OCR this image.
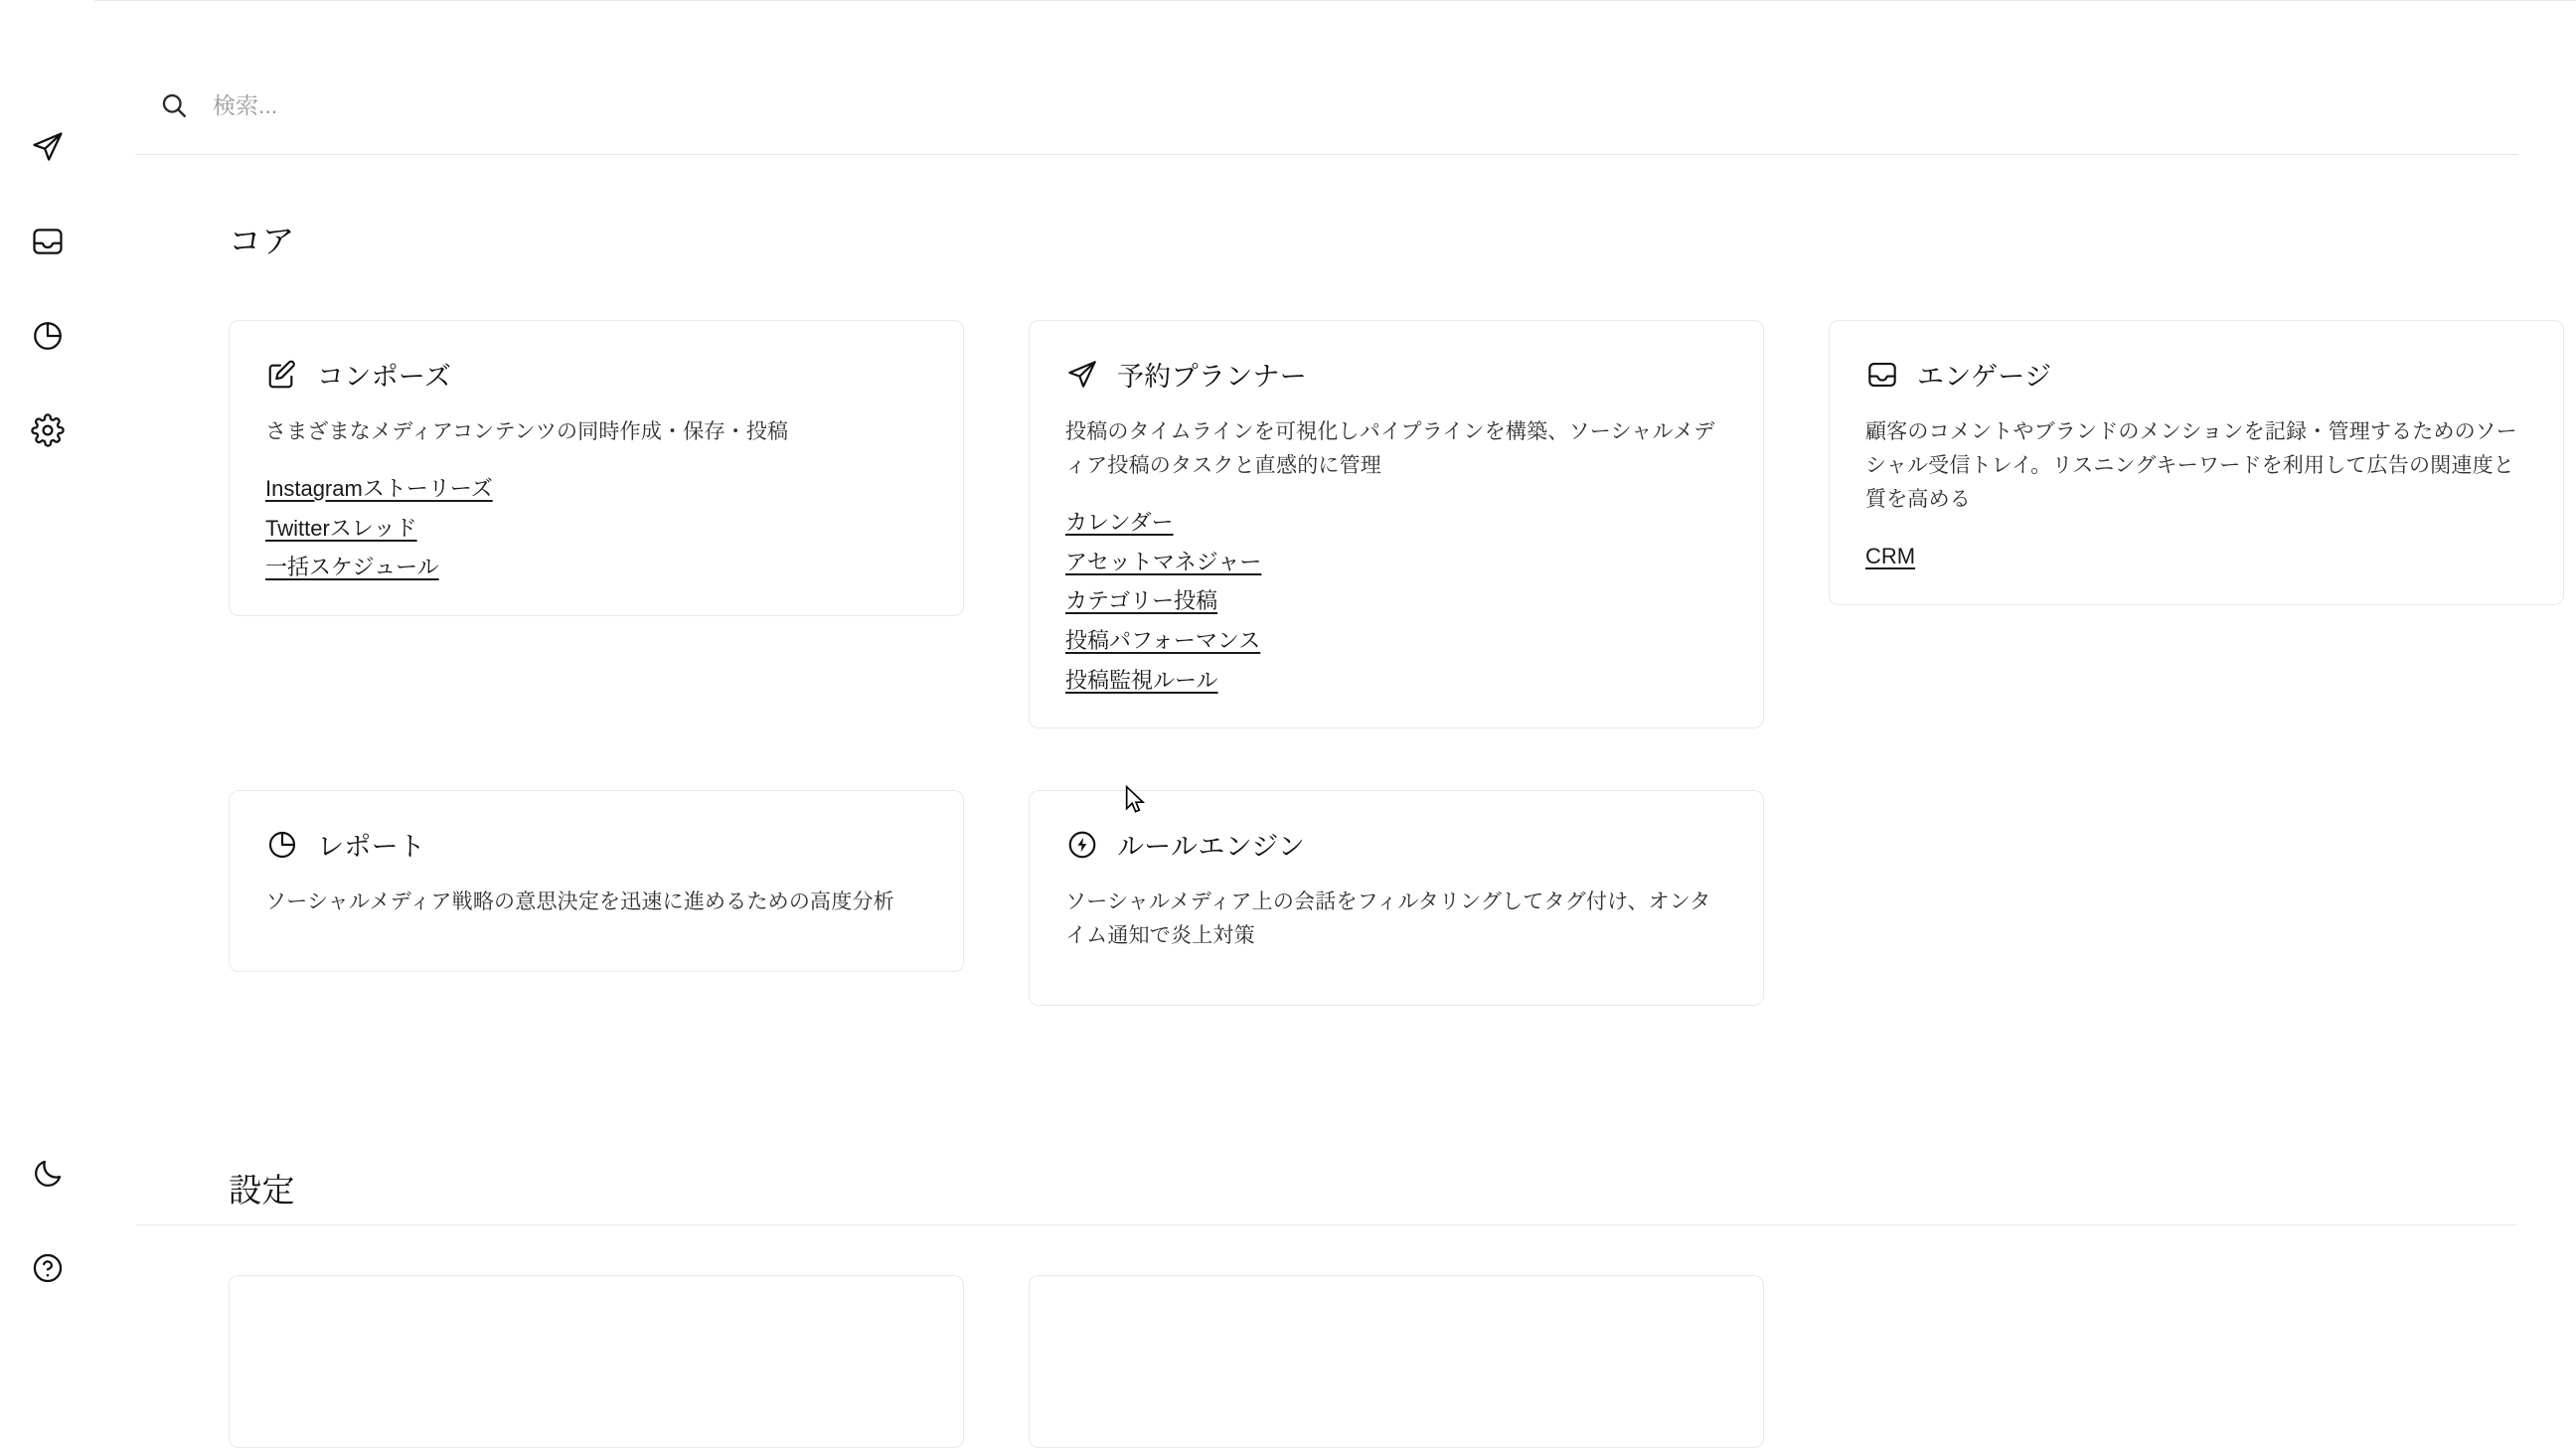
検索...
コア
コンポーズ

さまざまなメディアコンテンツの同時作成・保存・投稿

Instagramストーリーズ
Twitterスレッド
一括スケジュール
予約プランナー

投稿のタイムラインを可視化しパイプラインを構築、ソーシャルメディア投稿のタスクと直感的に管理

カレンダー
アセットマネジャー
カテゴリー投稿
投稿パフォーマンス
投稿監視ルール
エンゲージ

顧客のコメントやブランドのメンションを記録・管理するためのソーシャル受信トレイ。リスニングキーワードを利用して広告の関連度と質を高める

CRM
レポート

ソーシャルメディア戦略の意思決定を迅速に進めるための高度分析

ルールエンジン

ソーシャルメディア上の会話をフィルタリングしてタグ付け、オンタイム通知で炎上対策

設定
